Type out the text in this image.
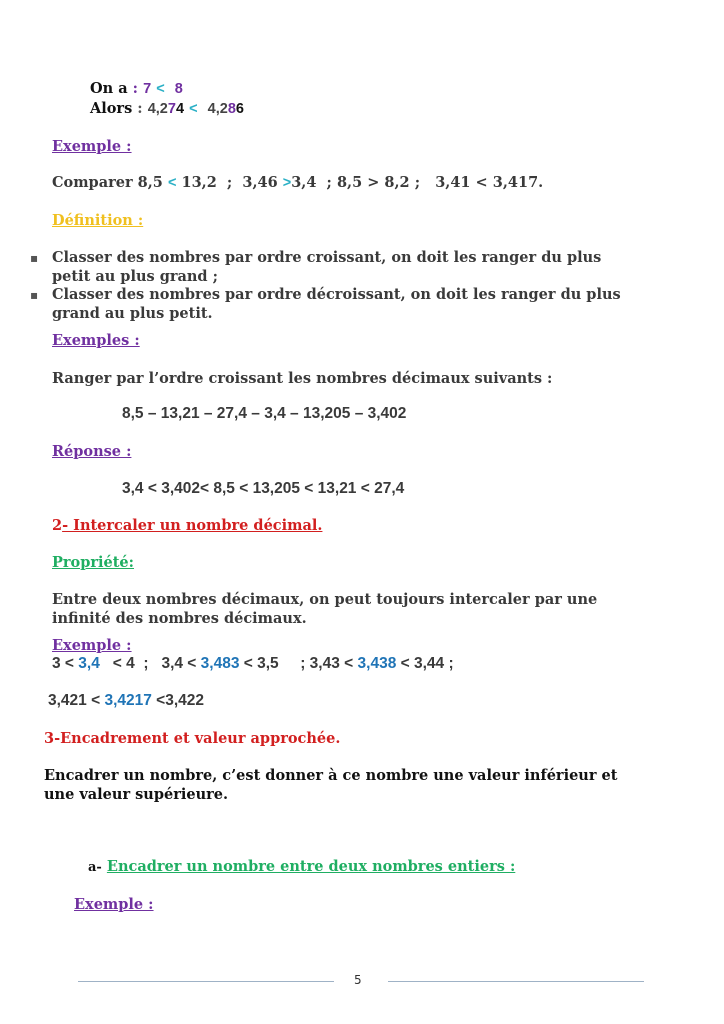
On a : 7 < 8
Alors : 4,274 < 4,286
Exemple :
Comparer 8,5 < 13,2  ;  3,46 >3,4  ; 8,5 > 8,2 ;   3,41 < 3,417.
Définition :
▪ Classer des nombres par ordre croissant, on doit les ranger du plus
petit au plus grand ;
▪ Classer des nombres par ordre décroissant, on doit les ranger du plus
grand au plus petit.
Exemples :
Ranger par l’ordre croissant les nombres décimaux suivants :
8,5 – 13,21 – 27,4 – 3,4 – 13,205 – 3,402
Réponse :
3,4 < 3,402< 8,5 < 13,205 < 13,21 < 27,4
2- Intercaler un nombre décimal.
Propriété:
Entre deux nombres décimaux, on peut toujours intercaler par une
infinité des nombres décimaux.
Exemple :
3 < 3,4   < 4  ;   3,4 < 3,483 < 3,5     ; 3,43 < 3,438 < 3,44 ;
3,421 < 3,4217 <3,422
3-Encadrement et valeur approchée.
Encadrer un nombre, c’est donner à ce nombre une valeur inférieur et
une valeur supérieure.
a- Encadrer un nombre entre deux nombres entiers :
Exemple :
5
